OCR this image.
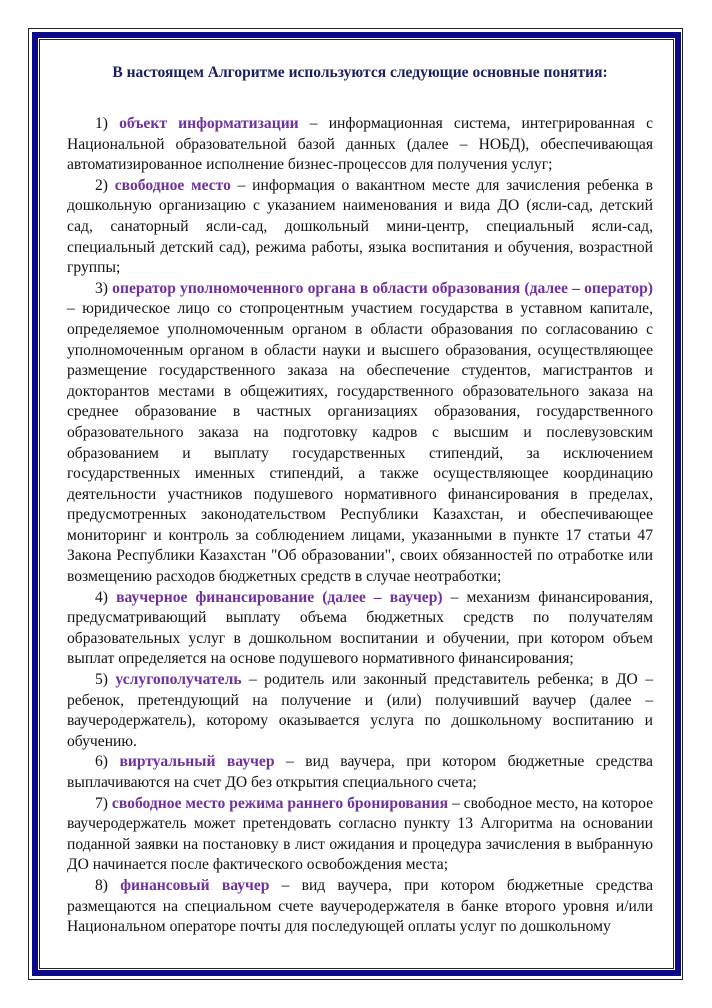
В настоящем Алгоритме используются следующие основные понятия:

1) объект информатизации – информационная система, интегрированная с Национальной образовательной базой данных (далее – НОБД), обеспечивающая автоматизированное исполнение бизнес-процессов для получения услуг;

2) свободное место – информация о вакантном месте для зачисления ребенка в дошкольную организацию с указанием наименования и вида ДО (ясли-сад, детский сад, санаторный ясли-сад, дошкольный мини-центр, специальный ясли-сад, специальный детский сад), режима работы, языка воспитания и обучения, возрастной группы;

3) оператор уполномоченного органа в области образования (далее – оператор) – юридическое лицо со стопроцентным участием государства в уставном капитале, определяемое уполномоченным органом в области образования по согласованию с уполномоченным органом в области науки и высшего образования, осуществляющее размещение государственного заказа на обеспечение студентов, магистрантов и докторантов местами в общежитиях, государственного образовательного заказа на среднее образование в частных организациях образования, государственного образовательного заказа на подготовку кадров с высшим и послевузовским образованием и выплату государственных стипендий, за исключением государственных именных стипендий, а также осуществляющее координацию деятельности участников подушевого нормативного финансирования в пределах, предусмотренных законодательством Республики Казахстан, и обеспечивающее мониторинг и контроль за соблюдением лицами, указанными в пункте 17 статьи 47 Закона Республики Казахстан "Об образовании", своих обязанностей по отработке или возмещению расходов бюджетных средств в случае неотработки;

4) ваучерное финансирование (далее – ваучер) – механизм финансирования, предусматривающий выплату объема бюджетных средств по получателям образовательных услуг в дошкольном воспитании и обучении, при котором объем выплат определяется на основе подушевого нормативного финансирования;

5) услугополучатель – родитель или законный представитель ребенка; в ДО – ребенок, претендующий на получение и (или) получивший ваучер (далее – ваучеродержатель), которому оказывается услуга по дошкольному воспитанию и обучению.

6) виртуальный ваучер – вид ваучера, при котором бюджетные средства выплачиваются на счет ДО без открытия специального счета;

7) свободное место режима раннего бронирования – свободное место, на которое ваучеродержатель может претендовать согласно пункту 13 Алгоритма на основании поданной заявки на постановку в лист ожидания и процедура зачисления в выбранную ДО начинается после фактического освобождения места;

8) финансовый ваучер – вид ваучера, при котором бюджетные средства размещаются на специальном счете ваучеродержателя в банке второго уровня и/или Национальном операторе почты для последующей оплаты услуг по дошкольному
